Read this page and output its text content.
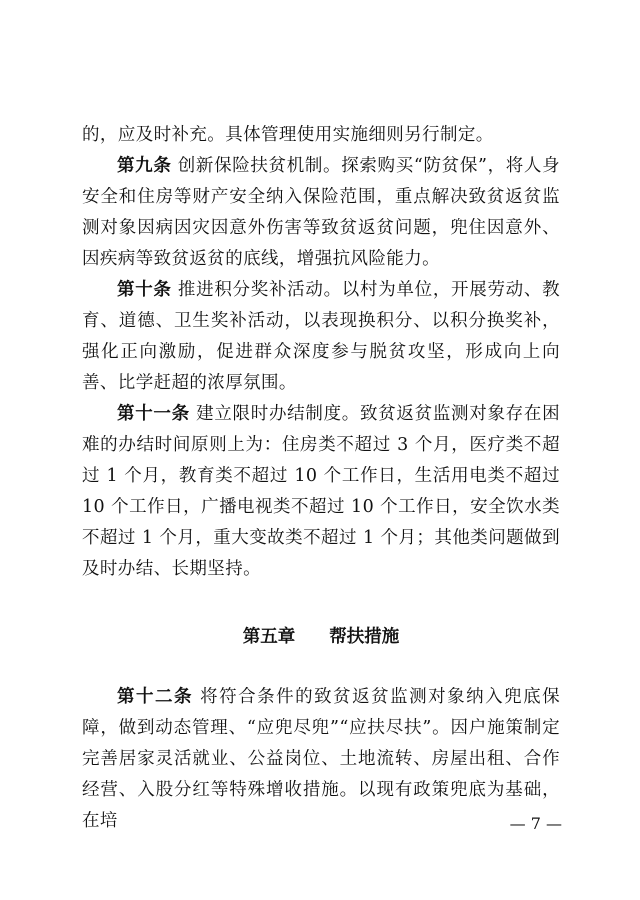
的，应及时补充。具体管理使用实施细则另行制定。

第九条 创新保险扶贫机制。探索购买“防贫保”，将人身安全和住房等财产安全纳入保险范围，重点解决致贫返贫监测对象因病因灾因意外伤害等致贫返贫问题，兜住因意外、因疾病等致贫返贫的底线，增强抗风险能力。

第十条 推进积分奖补活动。以村为单位，开展劳动、教育、道德、卫生奖补活动，以表现换积分、以积分换奖补，强化正向激励，促进群众深度参与脱贫攻坚，形成向上向善、比学赶超的浓厚氛围。

第十一条 建立限时办结制度。致贫返贫监测对象存在困难的办结时间原则上为：住房类不超过 3 个月，医疗类不超过 1 个月，教育类不超过 10 个工作日，生活用电类不超过 10 个工作日，广播电视类不超过 10 个工作日，安全饮水类不超过 1 个月，重大变故类不超过 1 个月；其他类问题做到及时办结、长期坚持。

第五章 帮扶措施

第十二条 将符合条件的致贫返贫监测对象纳入兜底保障，做到动态管理、“应兜尽兜”“应扶尽扶”。因户施策制定完善居家灵活就业、公益岗位、土地流转、房屋出租、合作经营、入股分红等特殊增收措施。以现有政策兜底为基础，在培	— 7 —
